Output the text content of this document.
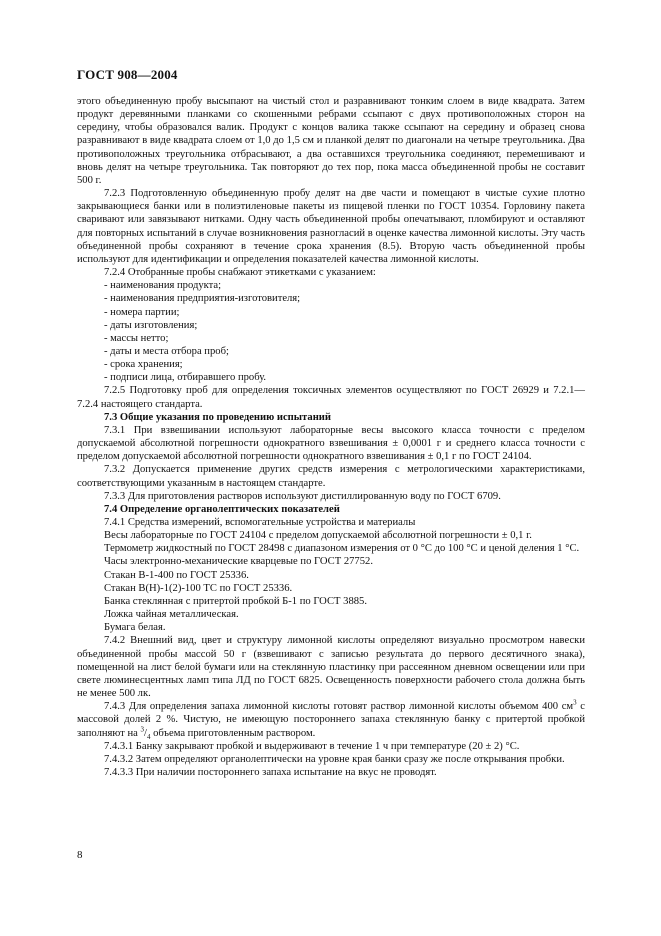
ГОСТ 908—2004

этого объединенную пробу высыпают на чистый стол и разравнивают тонким слоем в виде квадрата. Затем продукт деревянными планками со скошенными ребрами ссыпают с двух противоположных сторон на середину, чтобы образовался валик. Продукт с концов валика также ссыпают на середину и образец снова разравнивают в виде квадрата слоем от 1,0 до 1,5 см и планкой делят по диагонали на четыре треугольника. Два противоположных треугольника отбрасывают, а два оставшихся треугольника соединяют, перемешивают и вновь делят на четыре треугольника. Так повторяют до тех пор, пока масса объединенной пробы не составит 500 г.

7.2.3 Подготовленную объединенную пробу делят на две части и помещают в чистые сухие плотно закрывающиеся банки или в полиэтиленовые пакеты из пищевой пленки по ГОСТ 10354. Горловину пакета сваривают или завязывают нитками. Одну часть объединенной пробы опечатывают, пломбируют и оставляют для повторных испытаний в случае возникновения разногласий в оценке качества лимонной кислоты. Эту часть объединенной пробы сохраняют в течение срока хранения (8.5). Вторую часть объединенной пробы используют для идентификации и определения показателей качества лимонной кислоты.

7.2.4 Отобранные пробы снабжают этикетками с указанием:

- наименования продукта;

- наименования предприятия-изготовителя;

- номера партии;

- даты изготовления;

- массы нетто;

- даты и места отбора проб;

- срока хранения;

- подписи лица, отбиравшего пробу.

7.2.5 Подготовку проб для определения токсичных элементов осуществляют по ГОСТ 26929 и 7.2.1—7.2.4 настоящего стандарта.

7.3 Общие указания по проведению испытаний

7.3.1 При взвешивании используют лабораторные весы высокого класса точности с пределом допускаемой абсолютной погрешности однократного взвешивания ± 0,0001 г и среднего класса точности с пределом допускаемой абсолютной погрешности однократного взвешивания ± 0,1 г по ГОСТ 24104.

7.3.2 Допускается применение других средств измерения с метрологическими характеристиками, соответствующими указанным в настоящем стандарте.

7.3.3 Для приготовления растворов используют дистиллированную воду по ГОСТ 6709.

7.4 Определение органолептических показателей

7.4.1 Средства измерений, вспомогательные устройства и материалы

Весы лабораторные по ГОСТ 24104 с пределом допускаемой абсолютной погрешности ± 0,1 г.

Термометр жидкостный по ГОСТ 28498 с диапазоном измерения от 0 °С до 100 °С и ценой деления 1 °С.

Часы электронно-механические кварцевые по ГОСТ 27752.

Стакан В-1-400 по ГОСТ 25336.

Стакан В(Н)-1(2)-100 ТС по ГОСТ 25336.

Банка стеклянная с притертой пробкой Б-1 по ГОСТ 3885.

Ложка чайная металлическая.

Бумага белая.

7.4.2 Внешний вид, цвет и структуру лимонной кислоты определяют визуально просмотром навески объединенной пробы массой 50 г (взвешивают с записью результата до первого десятичного знака), помещенной на лист белой бумаги или на стеклянную пластинку при рассеянном дневном освещении или при свете люминесцентных ламп типа ЛД по ГОСТ 6825. Освещенность поверхности рабочего стола должна быть не менее 500 лк.

7.4.3 Для определения запаха лимонной кислоты готовят раствор лимонной кислоты объемом 400 $см^3$ с массовой долей 2 %. Чистую, не имеющую постороннего запаха стеклянную банку с притертой пробкой заполняют на $^3/_4$ объема приготовленным раствором.

7.4.3.1 Банку закрывают пробкой и выдерживают в течение 1 ч при температуре (20 ± 2) °С.

7.4.3.2 Затем определяют органолептически на уровне края банки сразу же после открывания пробки.

7.4.3.3 При наличии постороннего запаха испытание на вкус не проводят.

8
